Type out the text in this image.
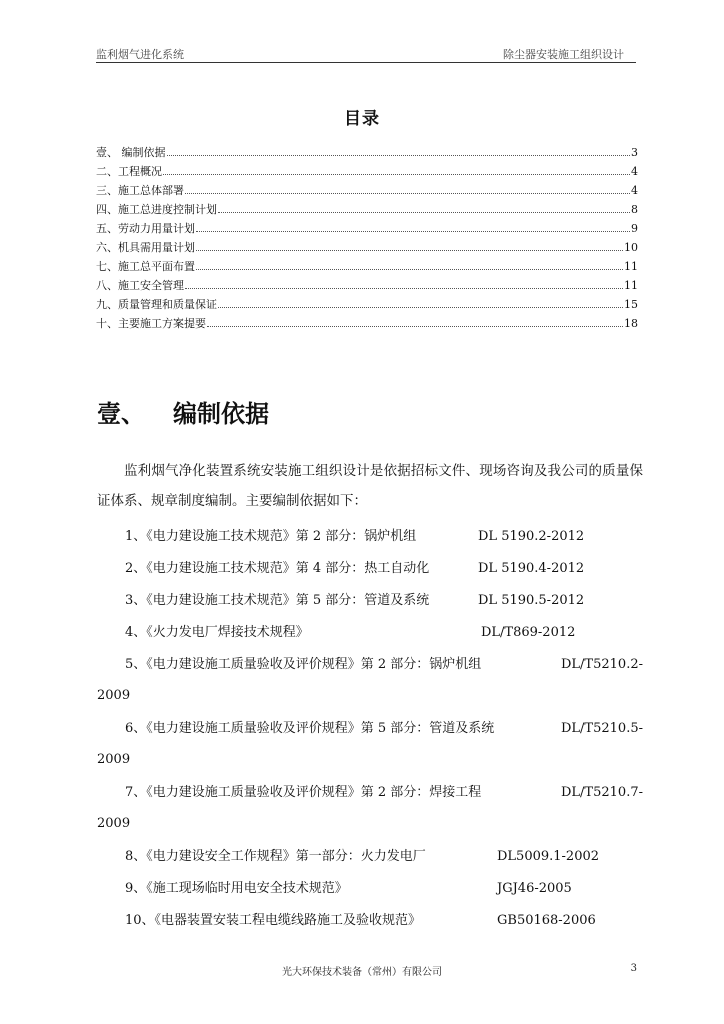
监利烟气进化系统	除尘器安装施工组织设计
目录
壹、 编制依据	3
二、工程概况	4
三、施工总体部署	4
四、施工总进度控制计划	8
五、劳动力用量计划	9
六、机具需用量计划	10
七、施工总平面布置	11
八、施工安全管理	11
九、质量管理和质量保证	15
十、主要施工方案提要	18
壹、	编制依据
监利烟气净化装置系统安装施工组织设计是依据招标文件、现场咨询及我公司的质量保证体系、规章制度编制。主要编制依据如下：
1、《电力建设施工技术规范》第 2 部分：锅炉机组	DL 5190.2-2012
2、《电力建设施工技术规范》第 4 部分：热工自动化	DL 5190.4-2012
3、《电力建设施工技术规范》第 5 部分：管道及系统	DL 5190.5-2012
4、《火力发电厂焊接技术规程》	DL/T869-2012
5、《电力建设施工质量验收及评价规程》第 2 部分：锅炉机组	DL/T5210.2-
2009
6、《电力建设施工质量验收及评价规程》第 5 部分：管道及系统	DL/T5210.5-
2009
7、《电力建设施工质量验收及评价规程》第 2 部分：焊接工程	DL/T5210.7-
2009
8、《电力建设安全工作规程》第一部分：火力发电厂	DL5009.1-2002
9、《施工现场临时用电安全技术规范》	JGJ46-2005
10、《电器装置安装工程电缆线路施工及验收规范》	GB50168-2006
光大环保技术装备（常州）有限公司	3
